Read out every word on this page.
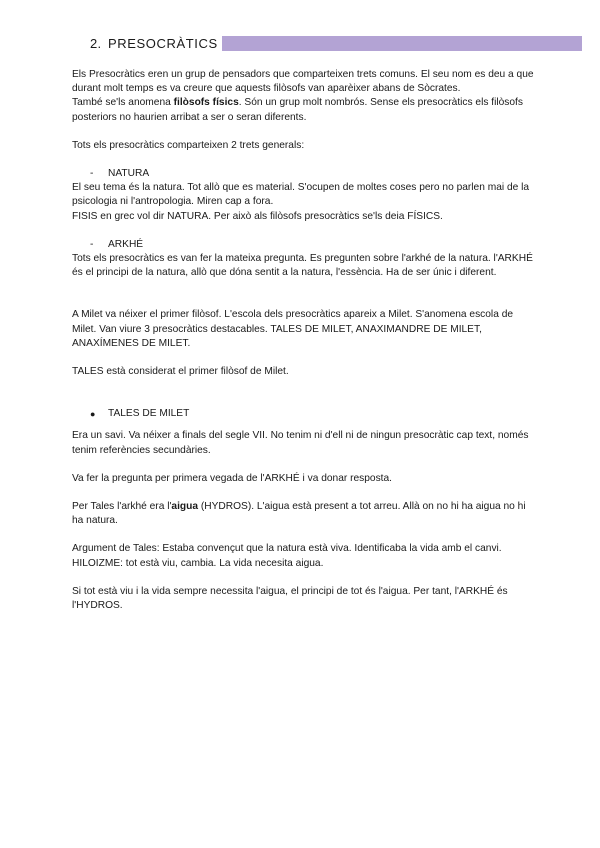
2. PRESOCRÀTICS

Els Presocràtics eren un grup de pensadors que comparteixen trets comuns. El seu nom es deu a que durant molt temps es va creure que aquests filòsofs van aparèixer abans de Sòcrates.

També se'ls anomena filòsofs físics. Són un grup molt nombrós. Sense els presocràtics els filòsofs posteriors no haurien arribat a ser o seran diferents.

Tots els presocràtics comparteixen 2 trets generals:

-	NATURA

El seu tema és la natura. Tot allò que es material. S'ocupen de moltes coses pero no parlen mai de la psicologia ni l'antropologia. Miren cap a fora.

FISIS en grec vol dir NATURA. Per això als filòsofs presocràtics se'ls deia FÍSICS.

-	ARKHÉ

Tots els presocràtics es van fer la mateixa pregunta. Es pregunten sobre l'arkhé de la natura. l'ARKHÉ és el principi de la natura, allò que dóna sentit a la natura, l'essència. Ha de ser únic i diferent.

A Milet va néixer el primer filòsof. L'escola dels presocràtics apareix a Milet. S'anomena escola de Milet. Van viure 3 presocràtics destacables. TALES DE MILET, ANAXIMANDRE DE MILET, ANAXÍMENES DE MILET.

TALES està considerat el primer filòsof de Milet.

●	TALES DE MILET

Era un savi. Va néixer a finals del segle VII. No tenim ni d'ell ni de ningun presocràtic cap text, només tenim referències secundàries.

Va fer la pregunta per primera vegada de l'ARKHÉ i va donar resposta.

Per Tales l'arkhé era l'aigua (HYDROS). L'aigua està present a tot arreu. Allà on no hi ha aigua no hi ha natura.

Argument de Tales: Estaba convençut que la natura està viva. Identificaba la vida amb el canvi. HILOIZME: tot està viu, cambia. La vida necesita aigua.

Si tot està viu i la vida sempre necessita l'aigua, el principi de tot és l'aigua. Per tant, l'ARKHÉ és l'HYDROS.
